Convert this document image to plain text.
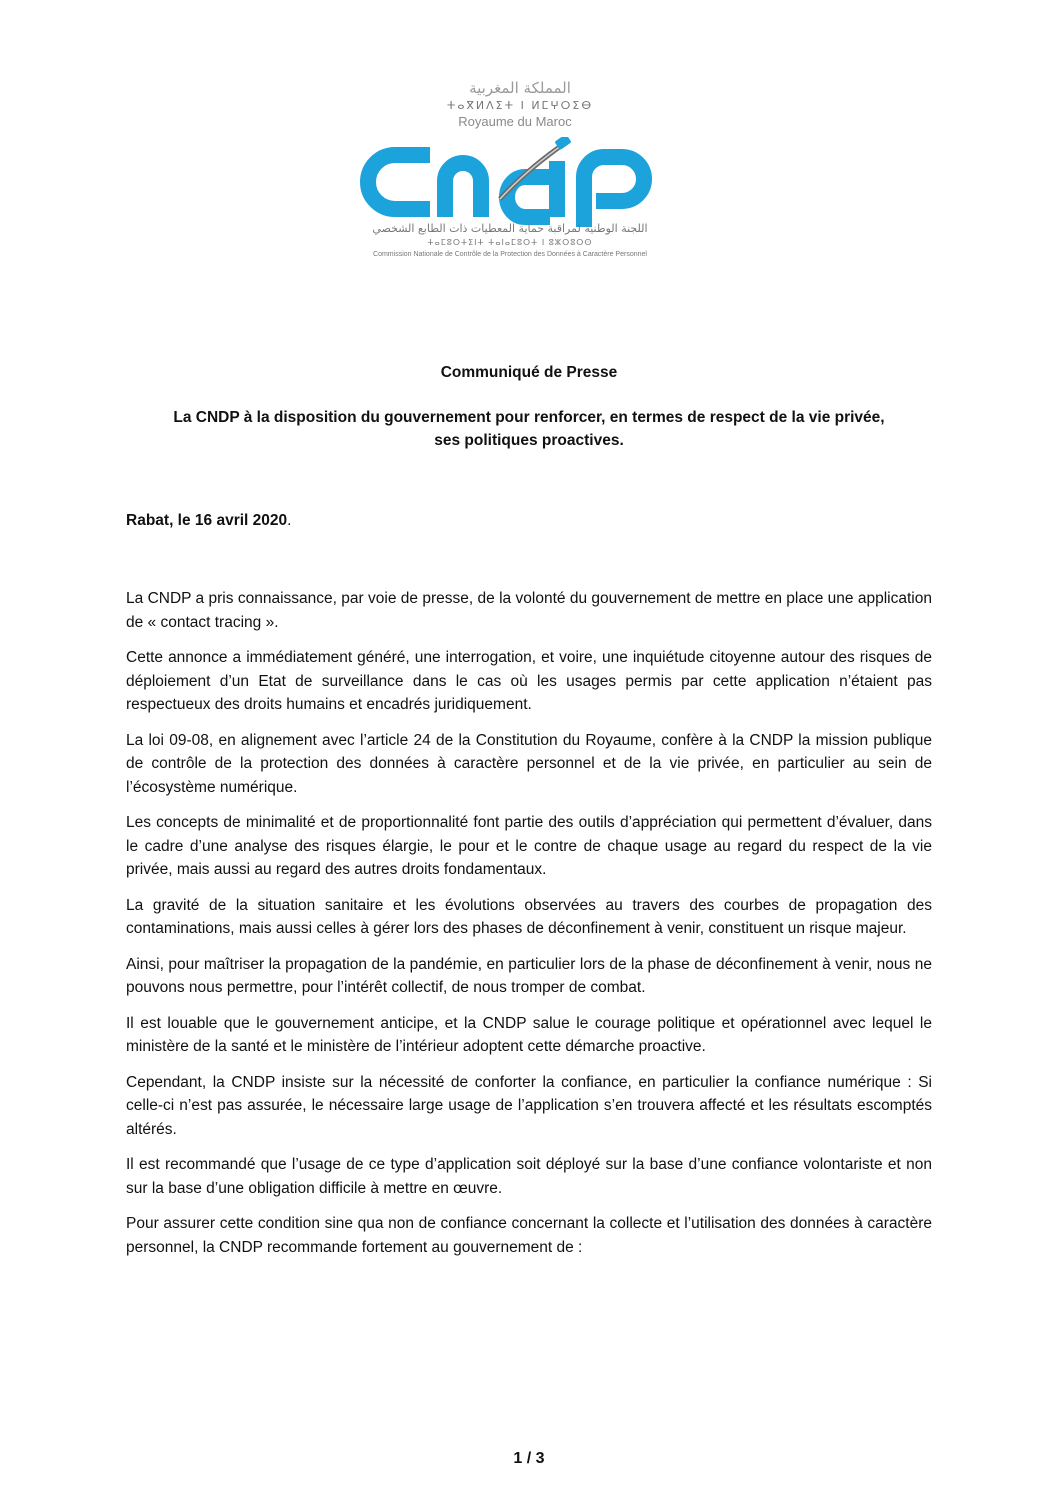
المملكة المغربية
ⵜⴰⴳⵍⴷⵉⵜ ⵏ ⵍⵎⵖⵔⵉⴱ
Royaume du Maroc
اللجنة الوطنية لمراقبة حماية المعطيات ذات الطابع الشخصي
ⵜⴰⵎⵓⵔⵜⵉⵏⵜ ⵜⴰⵏⴰⵎⵓⵔⵜ ⵏ ⵓⵣⵔⵓⵔⵙ
Commission Nationale de Contrôle de la Protection des Données à Caractère Personnel
Communiqué de Presse
La CNDP à la disposition du gouvernement pour renforcer, en termes de respect de la vie privée,
ses politiques proactives.
Rabat, le 16 avril 2020.

La CNDP a pris connaissance, par voie de presse, de la volonté du gouvernement de mettre en place une application de « contact tracing ».

Cette annonce a immédiatement généré, une interrogation, et voire, une inquiétude citoyenne autour des risques de déploiement d’un Etat de surveillance dans le cas où les usages permis par cette application n’étaient pas respectueux des droits humains et encadrés juridiquement.

La loi 09-08, en alignement avec l’article 24 de la Constitution du Royaume, confère à la CNDP la mission publique de contrôle de la protection des données à caractère personnel et de la vie privée, en particulier au sein de l’écosystème numérique.

Les concepts de minimalité et de proportionnalité font partie des outils d’appréciation qui permettent d’évaluer, dans le cadre d’une analyse des risques élargie, le pour et le contre de chaque usage au regard du respect de la vie privée, mais aussi au regard des autres droits fondamentaux.

La gravité de la situation sanitaire et les évolutions observées au travers des courbes de propagation des contaminations, mais aussi celles à gérer lors des phases de déconfinement à venir, constituent un risque majeur.

Ainsi, pour maîtriser la propagation de la pandémie, en particulier lors de la phase de déconfinement à venir, nous ne pouvons nous permettre, pour l’intérêt collectif, de nous tromper de combat.

Il est louable que le gouvernement anticipe, et la CNDP salue le courage politique et opérationnel avec lequel le ministère de la santé et le ministère de l’intérieur adoptent cette démarche proactive.

Cependant, la CNDP insiste sur la nécessité de conforter la confiance, en particulier la confiance numérique : Si celle-ci n’est pas assurée, le nécessaire large usage de l’application s’en trouvera affecté et les résultats escomptés altérés.

Il est recommandé que l’usage de ce type d’application soit déployé sur la base d’une confiance volontariste et non sur la base d’une obligation difficile à mettre en œuvre.

Pour assurer cette condition sine qua non de confiance concernant la collecte et l’utilisation des données à caractère personnel, la CNDP recommande fortement au gouvernement de :

1 / 3
